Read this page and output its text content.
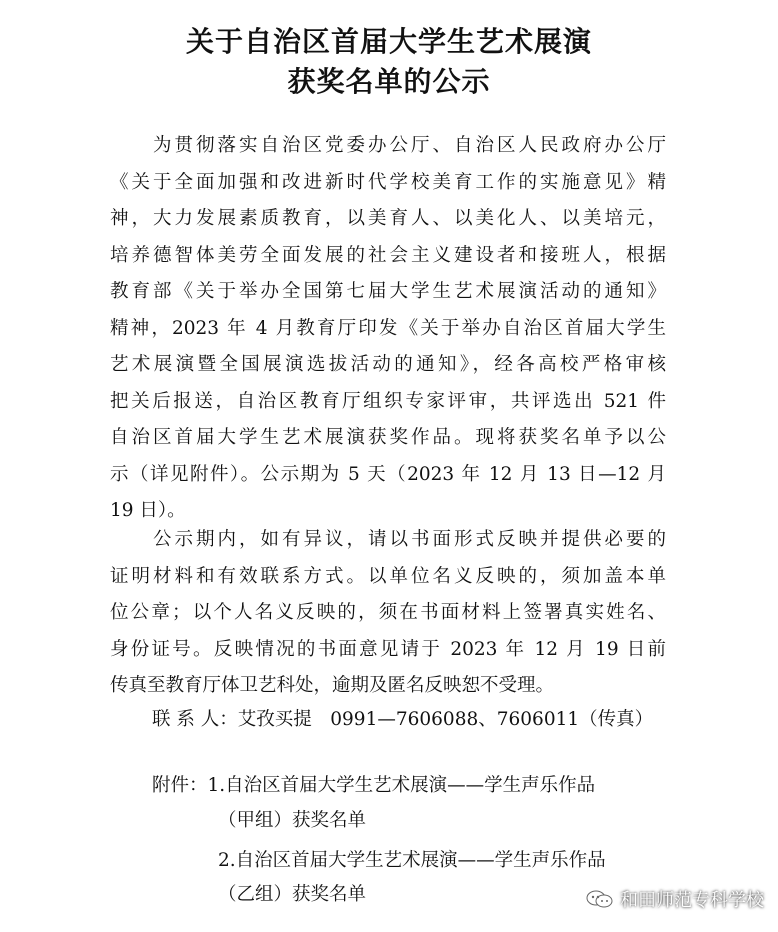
关于自治区首届大学生艺术展演
获奖名单的公示
　　为贯彻落实自治区党委办公厅、自治区人民政府办公厅
《关于全面加强和改进新时代学校美育工作的实施意见》精
神，大力发展素质教育，以美育人、以美化人、以美培元，
培养德智体美劳全面发展的社会主义建设者和接班人，根据
教育部《关于举办全国第七届大学生艺术展演活动的通知》
精神，2023 年 4 月教育厅印发《关于举办自治区首届大学生
艺术展演暨全国展演选拔活动的通知》，经各高校严格审核
把关后报送，自治区教育厅组织专家评审，共评选出 521 件
自治区首届大学生艺术展演获奖作品。现将获奖名单予以公
示（详见附件）。公示期为 5 天（2023 年 12 月 13 日—12 月
19 日）。
　　公示期内，如有异议，请以书面形式反映并提供必要的
证明材料和有效联系方式。以单位名义反映的，须加盖本单
位公章；以个人名义反映的，须在书面材料上签署真实姓名、
身份证号。反映情况的书面意见请于 2023 年 12 月 19 日前
传真至教育厅体卫艺科处，逾期及匿名反映恕不受理。
联 系 人：艾孜买提　0991—7606088、7606011（传真）
附件：1.自治区首届大学生艺术展演——学生声乐作品
（甲组）获奖名单
2.自治区首届大学生艺术展演——学生声乐作品
（乙组）获奖名单	和田师范专科学校
